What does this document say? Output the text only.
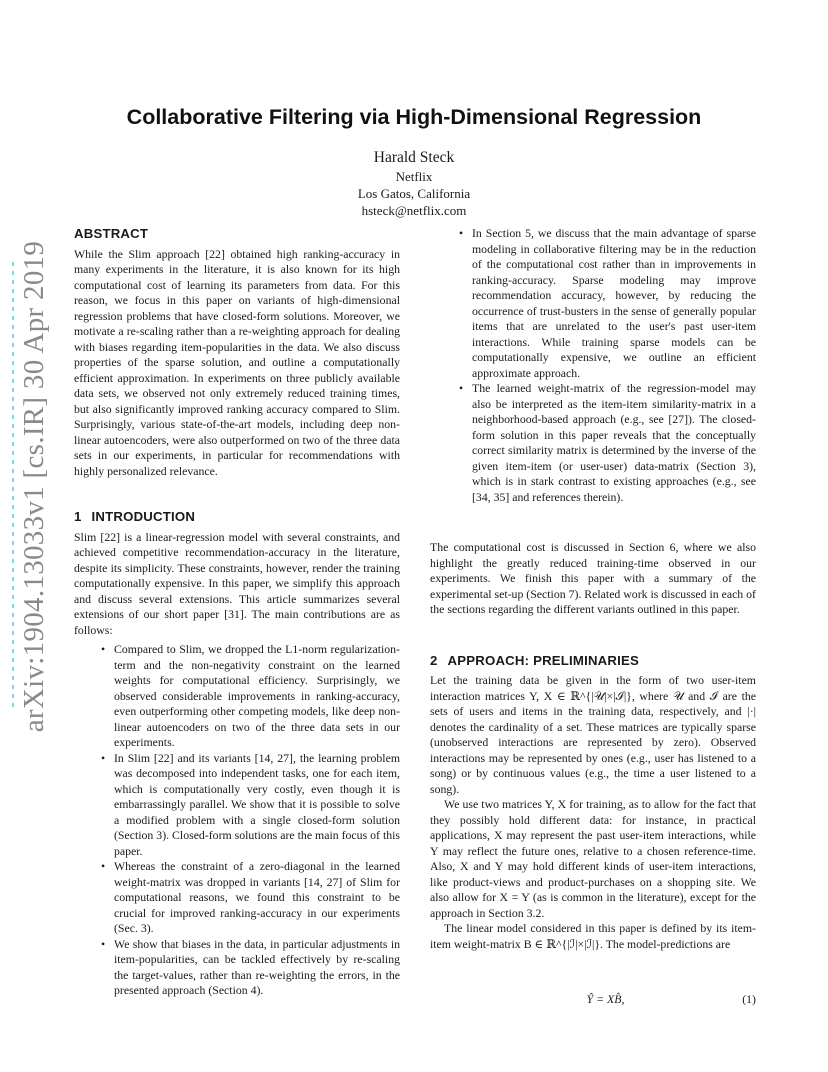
arXiv:1904.13033v1 [cs.IR] 30 Apr 2019
Collaborative Filtering via High-Dimensional Regression
Harald Steck
Netflix
Los Gatos, California
hsteck@netflix.com
ABSTRACT

While the Slim approach [22] obtained high ranking-accuracy in many experiments in the literature, it is also known for its high computational cost of learning its parameters from data. For this reason, we focus in this paper on variants of high-dimensional regression problems that have closed-form solutions. Moreover, we motivate a re-scaling rather than a re-weighting approach for dealing with biases regarding item-popularities in the data. We also discuss properties of the sparse solution, and outline a computationally efficient approximation. In experiments on three publicly available data sets, we observed not only extremely reduced training times, but also significantly improved ranking accuracy compared to Slim. Surprisingly, various state-of-the-art models, including deep non-linear autoencoders, were also outperformed on two of the three data sets in our experiments, in particular for recommendations with highly personalized relevance.

1 INTRODUCTION

Slim [22] is a linear-regression model with several constraints, and achieved competitive recommendation-accuracy in the literature, despite its simplicity. These constraints, however, render the training computationally expensive. In this paper, we simplify this approach and discuss several extensions. This article summarizes several extensions of our short paper [31]. The main contributions are as follows:

• Compared to Slim, we dropped the L1-norm regularization-term and the non-negativity constraint on the learned weights for computational efficiency. Surprisingly, we observed considerable improvements in ranking-accuracy, even outperforming other competing models, like deep non-linear autoencoders on two of the three data sets in our experiments.
• In Slim [22] and its variants [14, 27], the learning problem was decomposed into independent tasks, one for each item, which is computationally very costly, even though it is embarrassingly parallel. We show that it is possible to solve a modified problem with a single closed-form solution (Section 3). Closed-form solutions are the main focus of this paper.
• Whereas the constraint of a zero-diagonal in the learned weight-matrix was dropped in variants [14, 27] of Slim for computational reasons, we found this constraint to be crucial for improved ranking-accuracy in our experiments (Sec. 3).
• We show that biases in the data, in particular adjustments in item-popularities, can be tackled effectively by re-scaling the target-values, rather than re-weighting the errors, in the presented approach (Section 4).
• In Section 5, we discuss that the main advantage of sparse modeling in collaborative filtering may be in the reduction of the computational cost rather than in improvements in ranking-accuracy. Sparse modeling may improve recommendation accuracy, however, by reducing the occurrence of trust-busters in the sense of generally popular items that are unrelated to the user's past user-item interactions. While training sparse models can be computationally expensive, we outline an efficient approximate approach.
• The learned weight-matrix of the regression-model may also be interpreted as the item-item similarity-matrix in a neighborhood-based approach (e.g., see [27]). The closed-form solution in this paper reveals that the conceptually correct similarity matrix is determined by the inverse of the given item-item (or user-user) data-matrix (Section 3), which is in stark contrast to existing approaches (e.g., see [34, 35] and references therein).

The computational cost is discussed in Section 6, where we also highlight the greatly reduced training-time observed in our experiments. We finish this paper with a summary of the experimental set-up (Section 7). Related work is discussed in each of the sections regarding the different variants outlined in this paper.

2 APPROACH: PRELIMINARIES

Let the training data be given in the form of two user-item interaction matrices Y, X ∈ ℝ^{|𝒰|×|ℐ|}, where 𝒰 and ℐ are the sets of users and items in the training data, respectively, and |·| denotes the cardinality of a set. These matrices are typically sparse (unobserved interactions are represented by zero). Observed interactions may be represented by ones (e.g., user has listened to a song) or by continuous values (e.g., the time a user listened to a song).

We use two matrices Y, X for training, as to allow for the fact that they possibly hold different data: for instance, in practical applications, X may represent the past user-item interactions, while Y may reflect the future ones, relative to a chosen reference-time. Also, X and Y may hold different kinds of user-item interactions, like product-views and product-purchases on a shopping site. We also allow for X = Y (as is common in the literature), except for the approach in Section 3.2.

The linear model considered in this paper is defined by its item-item weight-matrix B ∈ ℝ^{|ℐ|×|ℐ|}. The model-predictions are

Ŷ = XB̂,	(1)
